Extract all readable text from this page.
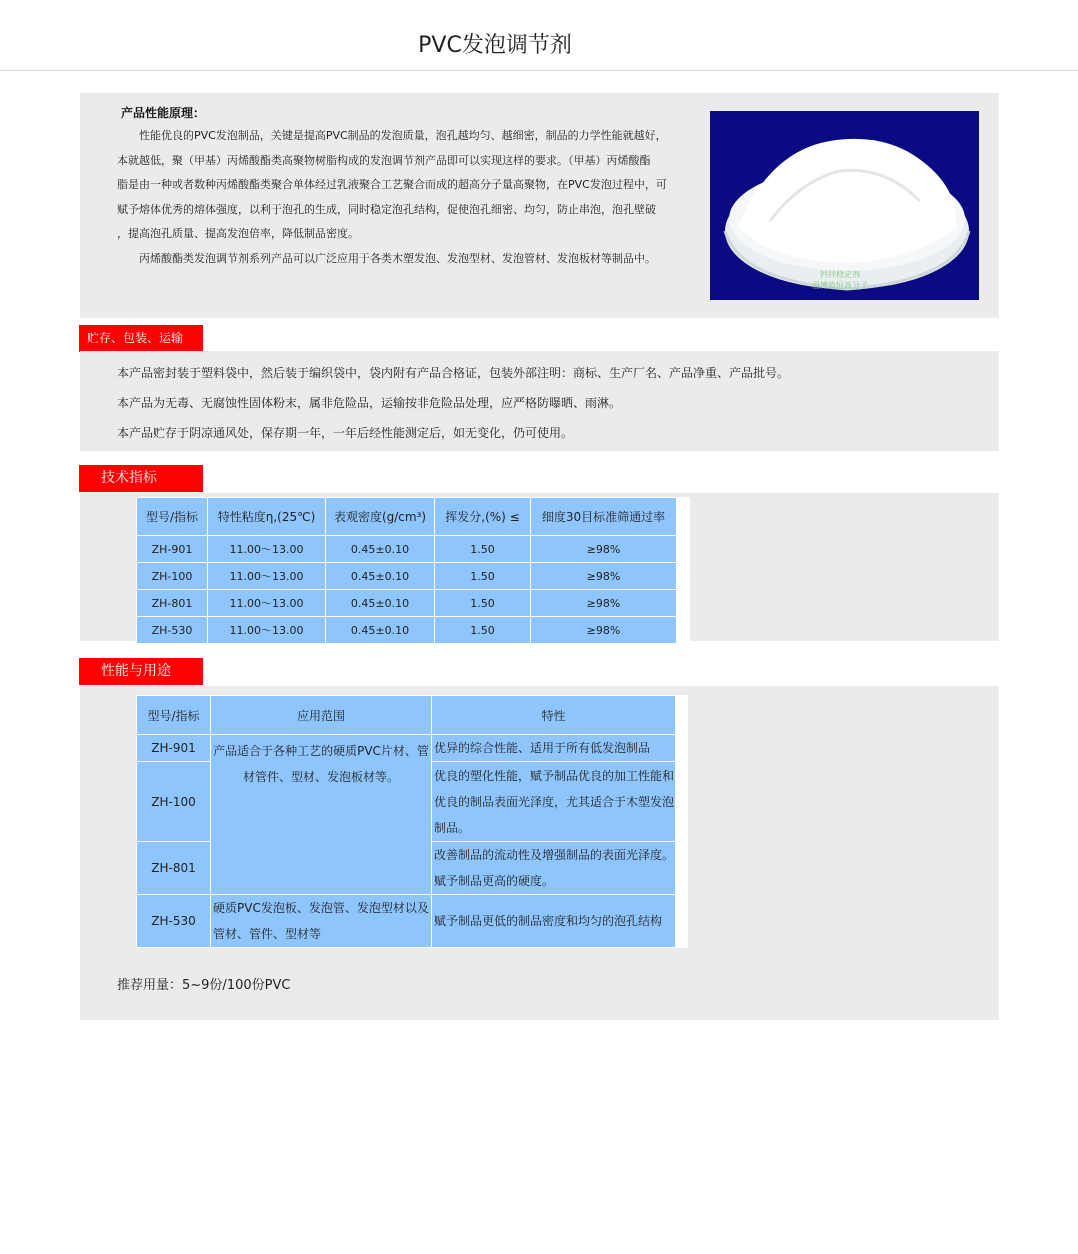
PVC发泡调节剂
产品性能原理：
　　性能优良的PVC发泡制品，关键是提高PVC制品的发泡质量，泡孔越均匀、越细密，制品的力学性能就越好，
本就越低，聚（甲基）丙烯酸酯类高聚物树脂构成的发泡调节剂产品即可以实现这样的要求。（甲基）丙烯酸酯
脂是由一种或者数种丙烯酸酯类聚合单体经过乳液聚合工艺聚合而成的超高分子量高聚物，在PVC发泡过程中，可
赋予熔体优秀的熔体强度，以利于泡孔的生成，同时稳定泡孔结构，促使泡孔细密、均匀，防止串泡，泡孔壁破
，提高泡孔质量、提高发泡倍率，降低制品密度。
　　丙烯酸酯类发泡调节剂系列产品可以广泛应用于各类木塑发泡、发泡型材、发泡管材、发泡板材等制品中。
钙锌稳定剂
淄博致恒高分子
贮存、包装、运输
本产品密封装于塑料袋中，然后装于编织袋中，袋内附有产品合格证，包装外部注明：商标、生产厂名、产品净重、产品批号。
本产品为无毒、无腐蚀性固体粉末，属非危险品，运输按非危险品处理，应严格防曝晒、雨淋。
本产品贮存于阴凉通风处，保存期一年，一年后经性能测定后，如无变化，仍可使用。
技术指标
型号/指标	特性粘度η,(25℃)	表观密度(g/cm³)	挥发分,(%) ≤	细度30目标准筛通过率
ZH-901	11.00～13.00	0.45±0.10	1.50	≥98%
ZH-100	11.00～13.00	0.45±0.10	1.50	≥98%
ZH-801	11.00～13.00	0.45±0.10	1.50	≥98%
ZH-530	11.00～13.00	0.45±0.10	1.50	≥98%
性能与用途
型号/指标	应用范围	特性
ZH-901	产品适合于各种工艺的硬质PVC片材、管
材管件、型材、发泡板材等。	优异的综合性能、适用于所有低发泡制品
ZH-100		优良的塑化性能，赋予制品优良的加工性能和
优良的制品表面光泽度，尤其适合于木塑发泡
制品。

ZH-801		改善制品的流动性及增强制品的表面光泽度。
赋予制品更高的硬度。

ZH-530	硬质PVC发泡板、发泡管、发泡型材以及
管材、管件、型材等	赋予制品更低的制品密度和均匀的泡孔结构
推荐用量：5~9份/100份PVC
